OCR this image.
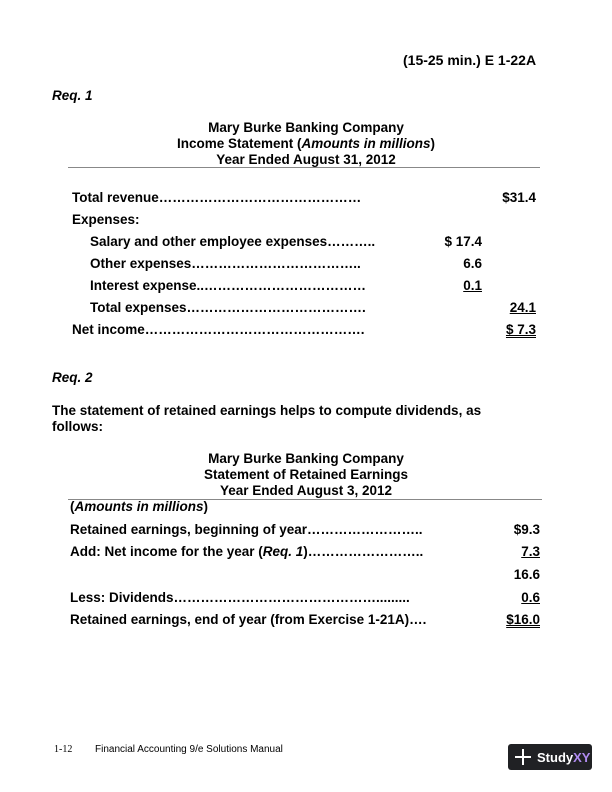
(15-25 min.) E 1-22A
Req. 1
Mary Burke Banking Company
Income Statement (Amounts in millions)
Year Ended August 31, 2012
Total revenue………………………………………	$31.4
Expenses:
Salary and other employee expenses………..	$ 17.4
Other expenses………………………………..	6.6
Interest expense..………………………………	0.1
Total expenses………………………………….	24.1
Net income………………………………………….	$ 7.3
Req. 2
The statement of retained earnings helps to compute dividends, as
follows:
Mary Burke Banking Company
Statement of Retained Earnings
Year Ended August 3, 2012
(Amounts in millions)
Retained earnings, beginning of year……………………..	$9.3
Add: Net income for the year (Req. 1)……………………..	7.3
16.6
Less: Dividends……………………………………….........	0.6
Retained earnings, end of year (from Exercise 1-21A)….	$16.0
1-12 Financial Accounting 9/e Solutions Manual	StudyXY
